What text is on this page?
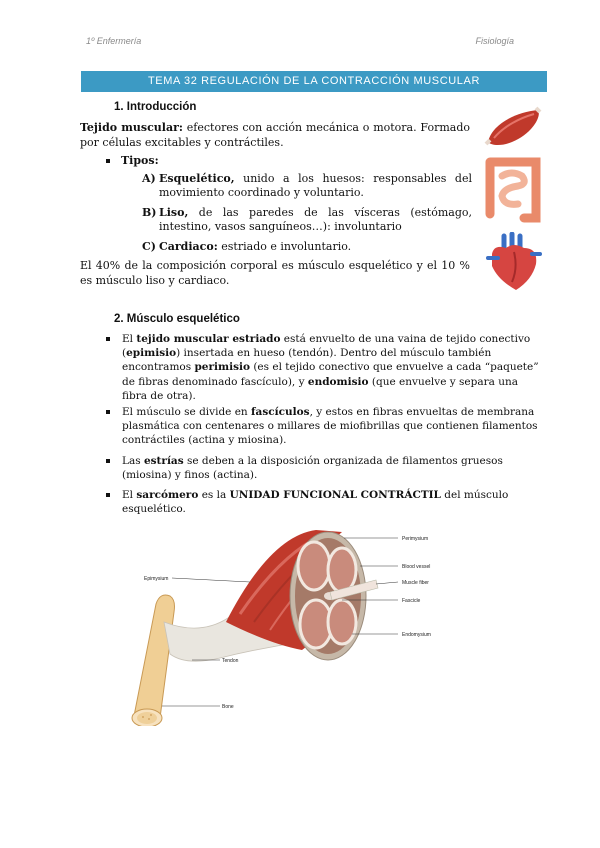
1º Enfermería	Fisiología
TEMA 32 REGULACIÓN DE LA CONTRACCIÓN MUSCULAR
1. Introducción
Tejido muscular: efectores con acción mecánica o motora. Formado por células excitables y contráctiles.
Tipos:
A) Esquelético, unido a los huesos: responsables del movimiento coordinado y voluntario.
B) Liso, de las paredes de las vísceras (estómago, intestino, vasos sanguíneos…): involuntario
C) Cardiaco: estriado e involuntario.
El 40% de la composición corporal es músculo esquelético y el 10 % es músculo liso y cardiaco.
2. Músculo esquelético
El tejido muscular estriado está envuelto de una vaina de tejido conectivo (epimisio) insertada en hueso (tendón). Dentro del músculo también encontramos perimisio (es el tejido conectivo que envuelve a cada “paquete” de fibras denominado fascículo), y endomisio (que envuelve y separa una fibra de otra).
El músculo se divide en fascículos, y estos en fibras envueltas de membrana plasmática con centenares o millares de miofibrillas que contienen filamentos contráctiles (actina y miosina).
Las estrías se deben a la disposición organizada de filamentos gruesos (miosina) y finos (actina).
El sarcómero es la UNIDAD FUNCIONAL CONTRÁCTIL del músculo esquelético.
Perimysium
Blood vessel
Muscle fiber
Fascicle
Endomysium
Epimysium
Tendon
Bone
